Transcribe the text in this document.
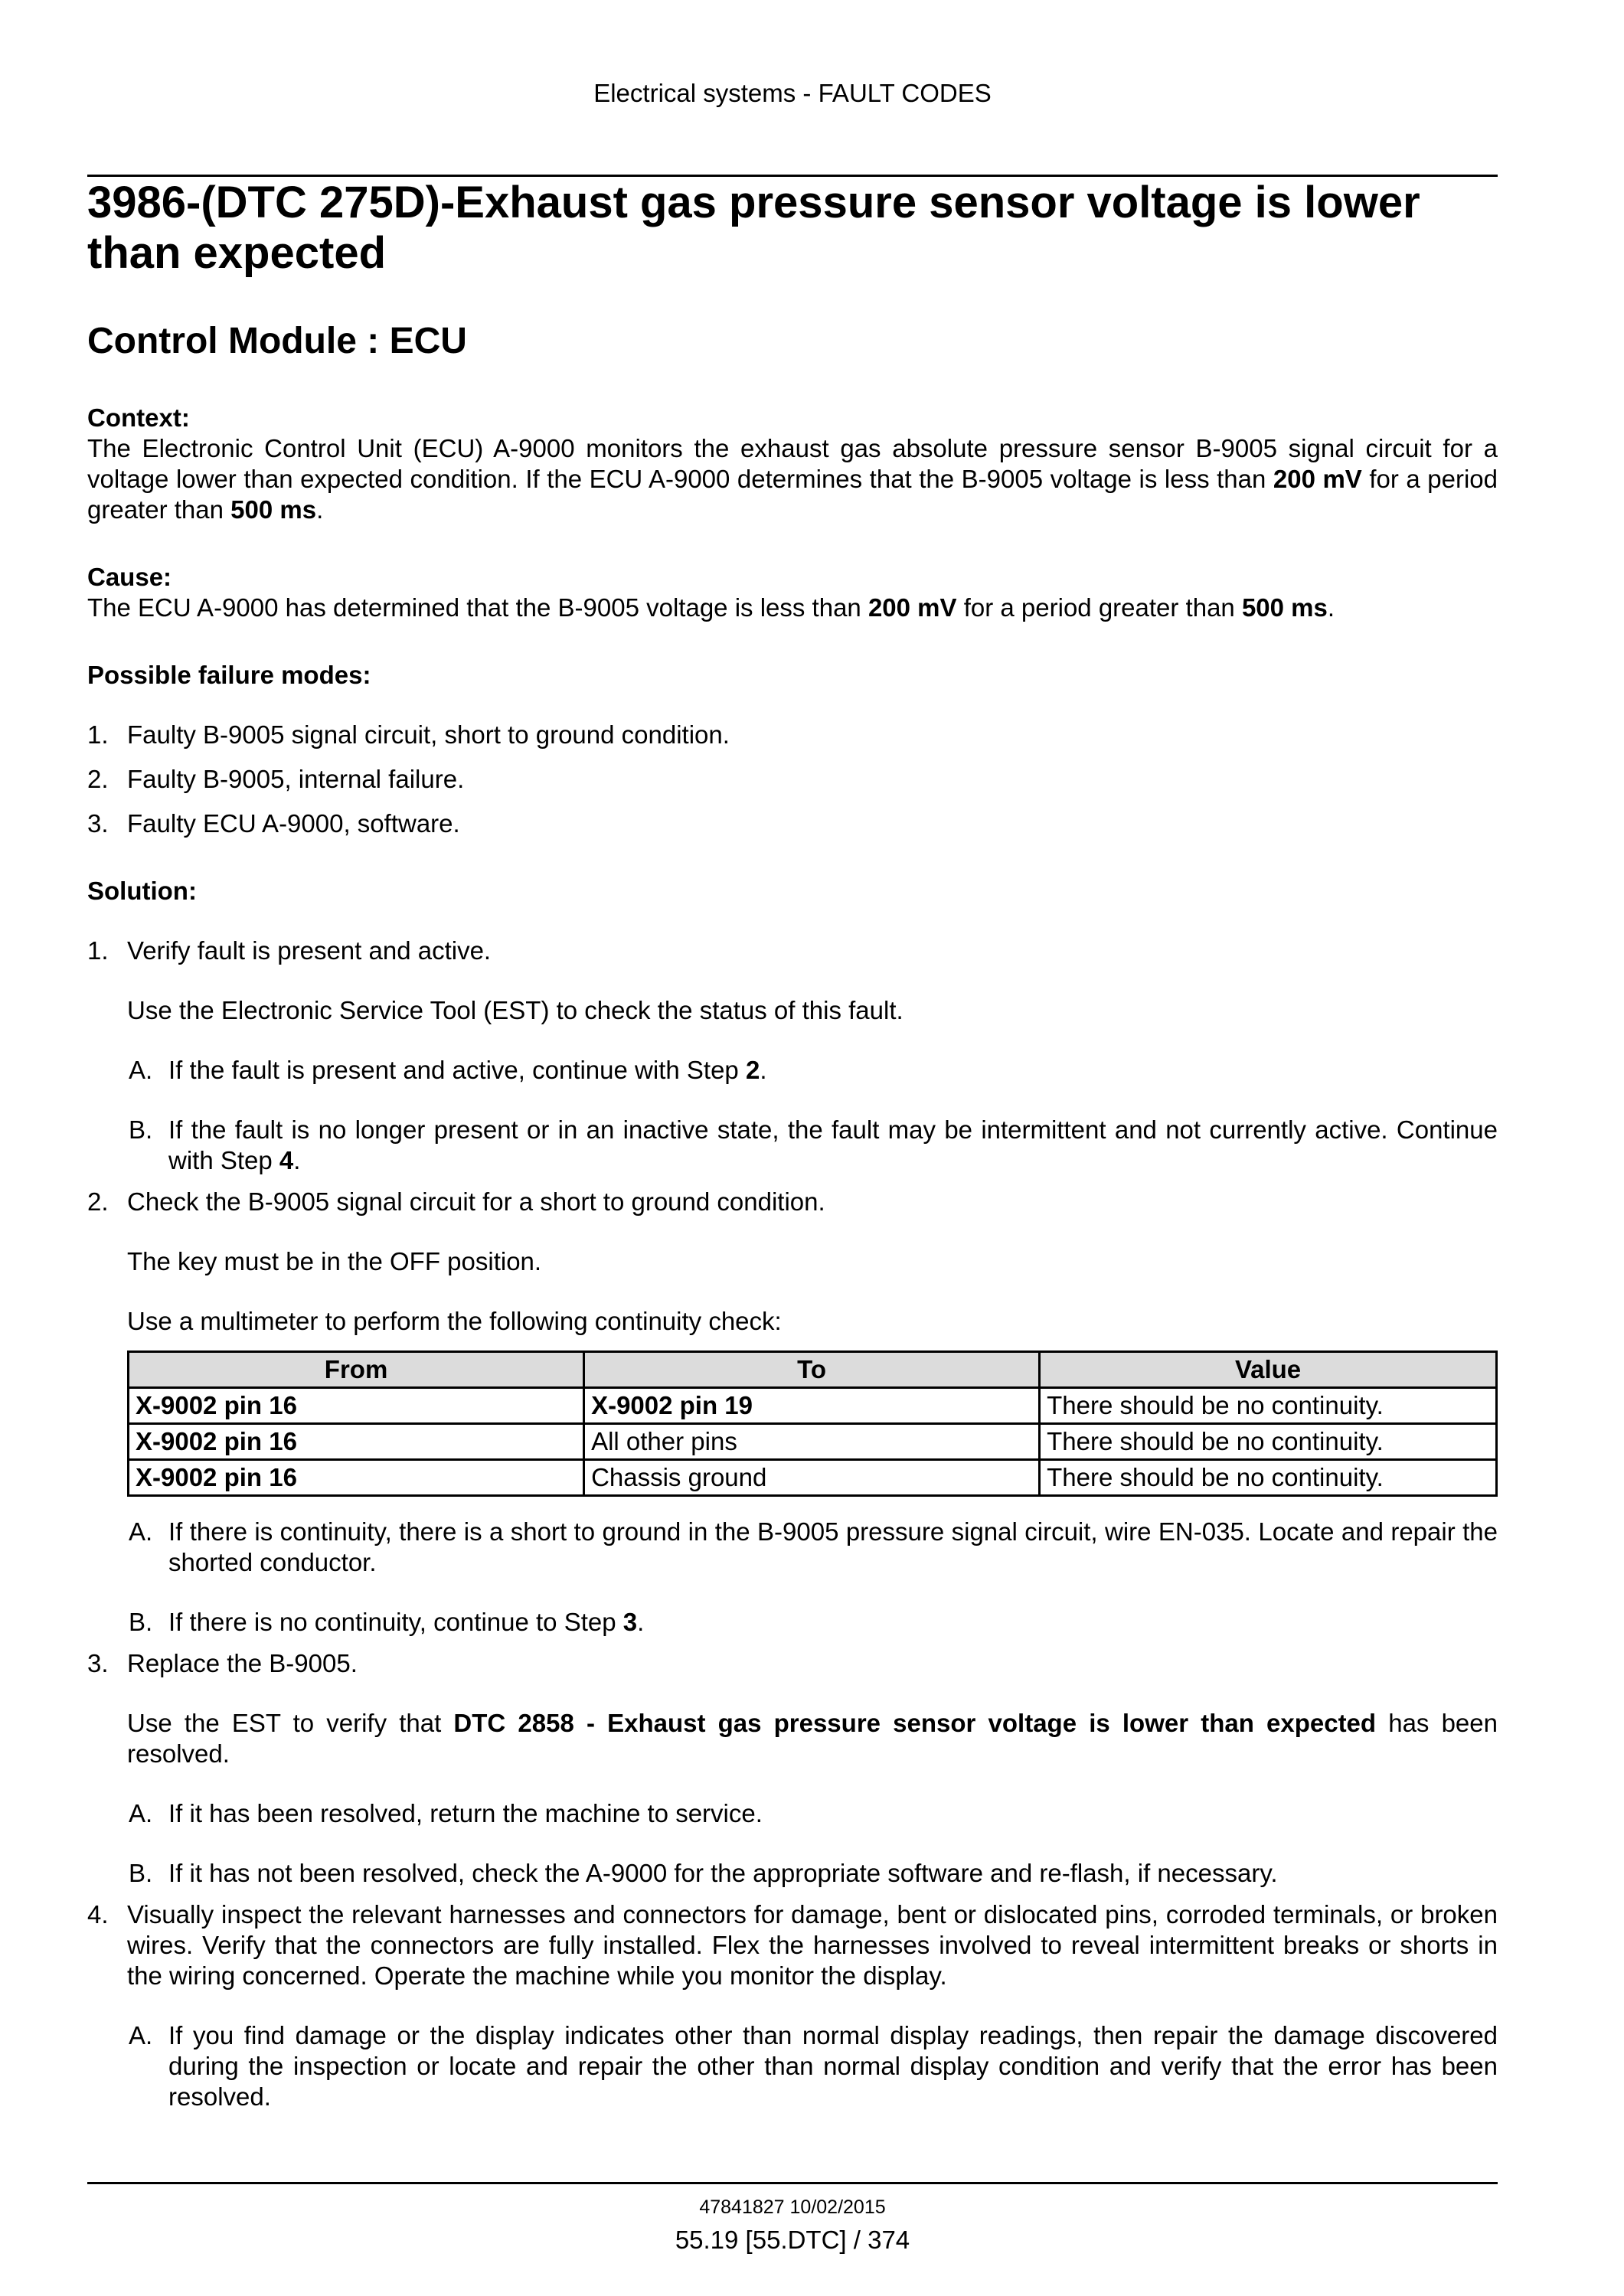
Electrical systems - FAULT CODES
3986-(DTC 275D)-Exhaust gas pressure sensor voltage is lower than expected
Control Module : ECU

Context:

The Electronic Control Unit (ECU) A-9000 monitors the exhaust gas absolute pressure sensor B-9005 signal circuit for a voltage lower than expected condition. If the ECU A-9000 determines that the B-9005 voltage is less than 200 mV for a period greater than 500 ms.

Cause:

The ECU A-9000 has determined that the B-9005 voltage is less than 200 mV for a period greater than 500 ms.

Possible failure modes:

1. Faulty B-9005 signal circuit, short to ground condition.
2. Faulty B-9005, internal failure.
3. Faulty ECU A-9000, software.

Solution:

1. Verify fault is present and active.
Use the Electronic Service Tool (EST) to check the status of this fault.
A. If the fault is present and active, continue with Step 2.
B. If the fault is no longer present or in an inactive state, the fault may be intermittent and not currently active. Continue with Step 4.
2. Check the B-9005 signal circuit for a short to ground condition.
The key must be in the OFF position.
Use a multimeter to perform the following continuity check:
From	To	Value
X-9002 pin 16	X-9002 pin 19	There should be no continuity.
X-9002 pin 16	All other pins	There should be no continuity.
X-9002 pin 16	Chassis ground	There should be no continuity.
A. If there is continuity, there is a short to ground in the B-9005 pressure signal circuit, wire EN-035. Locate and repair the shorted conductor.
B. If there is no continuity, continue to Step 3.
3. Replace the B-9005.
Use the EST to verify that DTC 2858 - Exhaust gas pressure sensor voltage is lower than expected has been resolved.
A. If it has been resolved, return the machine to service.
B. If it has not been resolved, check the A-9000 for the appropriate software and re-flash, if necessary.
4. Visually inspect the relevant harnesses and connectors for damage, bent or dislocated pins, corroded terminals, or broken wires. Verify that the connectors are fully installed. Flex the harnesses involved to reveal intermittent breaks or shorts in the wiring concerned. Operate the machine while you monitor the display.
A. If you find damage or the display indicates other than normal display readings, then repair the damage discovered during the inspection or locate and repair the other than normal display condition and verify that the error has been resolved.
47841827 10/02/2015
55.19 [55.DTC] / 374
